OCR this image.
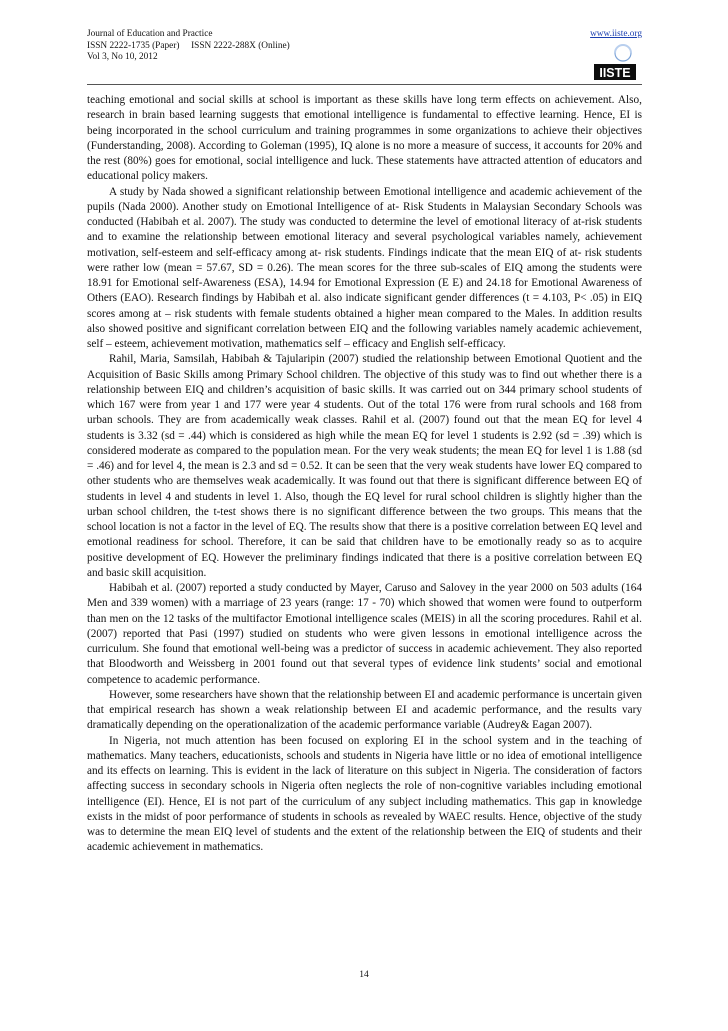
Journal of Education and Practice
ISSN 2222-1735 (Paper)     ISSN 2222-288X (Online)
Vol 3, No 10, 2012
www.iiste.org
IISTE

teaching emotional and social skills at school is important as these skills have long term effects on achievement. Also, research in brain based learning suggests that emotional intelligence is fundamental to effective learning. Hence, EI is being incorporated in the school curriculum and training programmes in some organizations to achieve their objectives (Funderstanding, 2008). According to Goleman (1995), IQ alone is no more a measure of success, it accounts for 20% and the rest (80%) goes for emotional, social intelligence and luck. These statements have attracted attention of educators and educational policy makers.

A study by Nada showed a significant relationship between Emotional intelligence and academic achievement of the pupils (Nada 2000). Another study on Emotional Intelligence of at- Risk Students in Malaysian Secondary Schools was conducted (Habibah et al. 2007). The study was conducted to determine the level of emotional literacy of at-risk students and to examine the relationship between emotional literacy and several psychological variables namely, achievement motivation, self-esteem and self-efficacy among at- risk students. Findings indicate that the mean EIQ of at- risk students were rather low (mean = 57.67, SD = 0.26). The mean scores for the three sub-scales of EIQ among the students were 18.91 for Emotional self-Awareness (ESA), 14.94 for Emotional Expression (E E) and 24.18 for Emotional Awareness of Others (EAO). Research findings by Habibah et al. also indicate significant gender differences (t = 4.103, P< .05) in EIQ scores among at – risk students with female students obtained a higher mean compared to the Males. In addition results also showed positive and significant correlation between EIQ and the following variables namely academic achievement, self – esteem, achievement motivation, mathematics self – efficacy and English self-efficacy.

Rahil, Maria, Samsilah, Habibah & Tajularipin (2007) studied the relationship between Emotional Quotient and the Acquisition of Basic Skills among Primary School children. The objective of this study was to find out whether there is a relationship between EIQ and children’s acquisition of basic skills. It was carried out on 344 primary school students of which 167 were from year 1 and 177 were year 4 students. Out of the total 176 were from rural schools and 168 from urban schools. They are from academically weak classes. Rahil et al. (2007) found out that the mean EQ for level 4 students is 3.32 (sd = .44) which is considered as high while the mean EQ for level 1 students is 2.92 (sd = .39) which is considered moderate as compared to the population mean. For the very weak students; the mean EQ for level 1 is 1.88 (sd = .46) and for level 4, the mean is 2.3 and sd = 0.52. It can be seen that the very weak students have lower EQ compared to other students who are themselves weak academically. It was found out that there is significant difference between EQ of students in level 4 and students in level 1. Also, though the EQ level for rural school children is slightly higher than the urban school children, the t-test shows there is no significant difference between the two groups. This means that the school location is not a factor in the level of EQ. The results show that there is a positive correlation between EQ level and emotional readiness for school. Therefore, it can be said that children have to be emotionally ready so as to acquire positive development of EQ. However the preliminary findings indicated that there is a positive correlation between EQ and basic skill acquisition.

Habibah et al. (2007) reported a study conducted by Mayer, Caruso and Salovey in the year 2000 on 503 adults (164 Men and 339 women) with a marriage of 23 years (range: 17 - 70) which showed that women were found to outperform than men on the 12 tasks of the multifactor Emotional intelligence scales (MEIS) in all the scoring procedures. Rahil et al. (2007) reported that Pasi (1997) studied on students who were given lessons in emotional intelligence across the curriculum. She found that emotional well-being was a predictor of success in academic achievement. They also reported that Bloodworth and Weissberg in 2001 found out that several types of evidence link students’ social and emotional competence to academic performance.

However, some researchers have shown that the relationship between EI and academic performance is uncertain given that empirical research has shown a weak relationship between EI and academic performance, and the results vary dramatically depending on the operationalization of the academic performance variable (Audrey& Eagan 2007).

In Nigeria, not much attention has been focused on exploring EI in the school system and in the teaching of mathematics. Many teachers, educationists, schools and students in Nigeria have little or no idea of emotional intelligence and its effects on learning. This is evident in the lack of literature on this subject in Nigeria. The consideration of factors affecting success in secondary schools in Nigeria often neglects the role of non-cognitive variables including emotional intelligence (EI). Hence, EI is not part of the curriculum of any subject including mathematics. This gap in knowledge exists in the midst of poor performance of students in schools as revealed by WAEC results. Hence, objective of the study was to determine the mean EIQ level of students and the extent of the relationship between the EIQ of students and their academic achievement in mathematics.

14
